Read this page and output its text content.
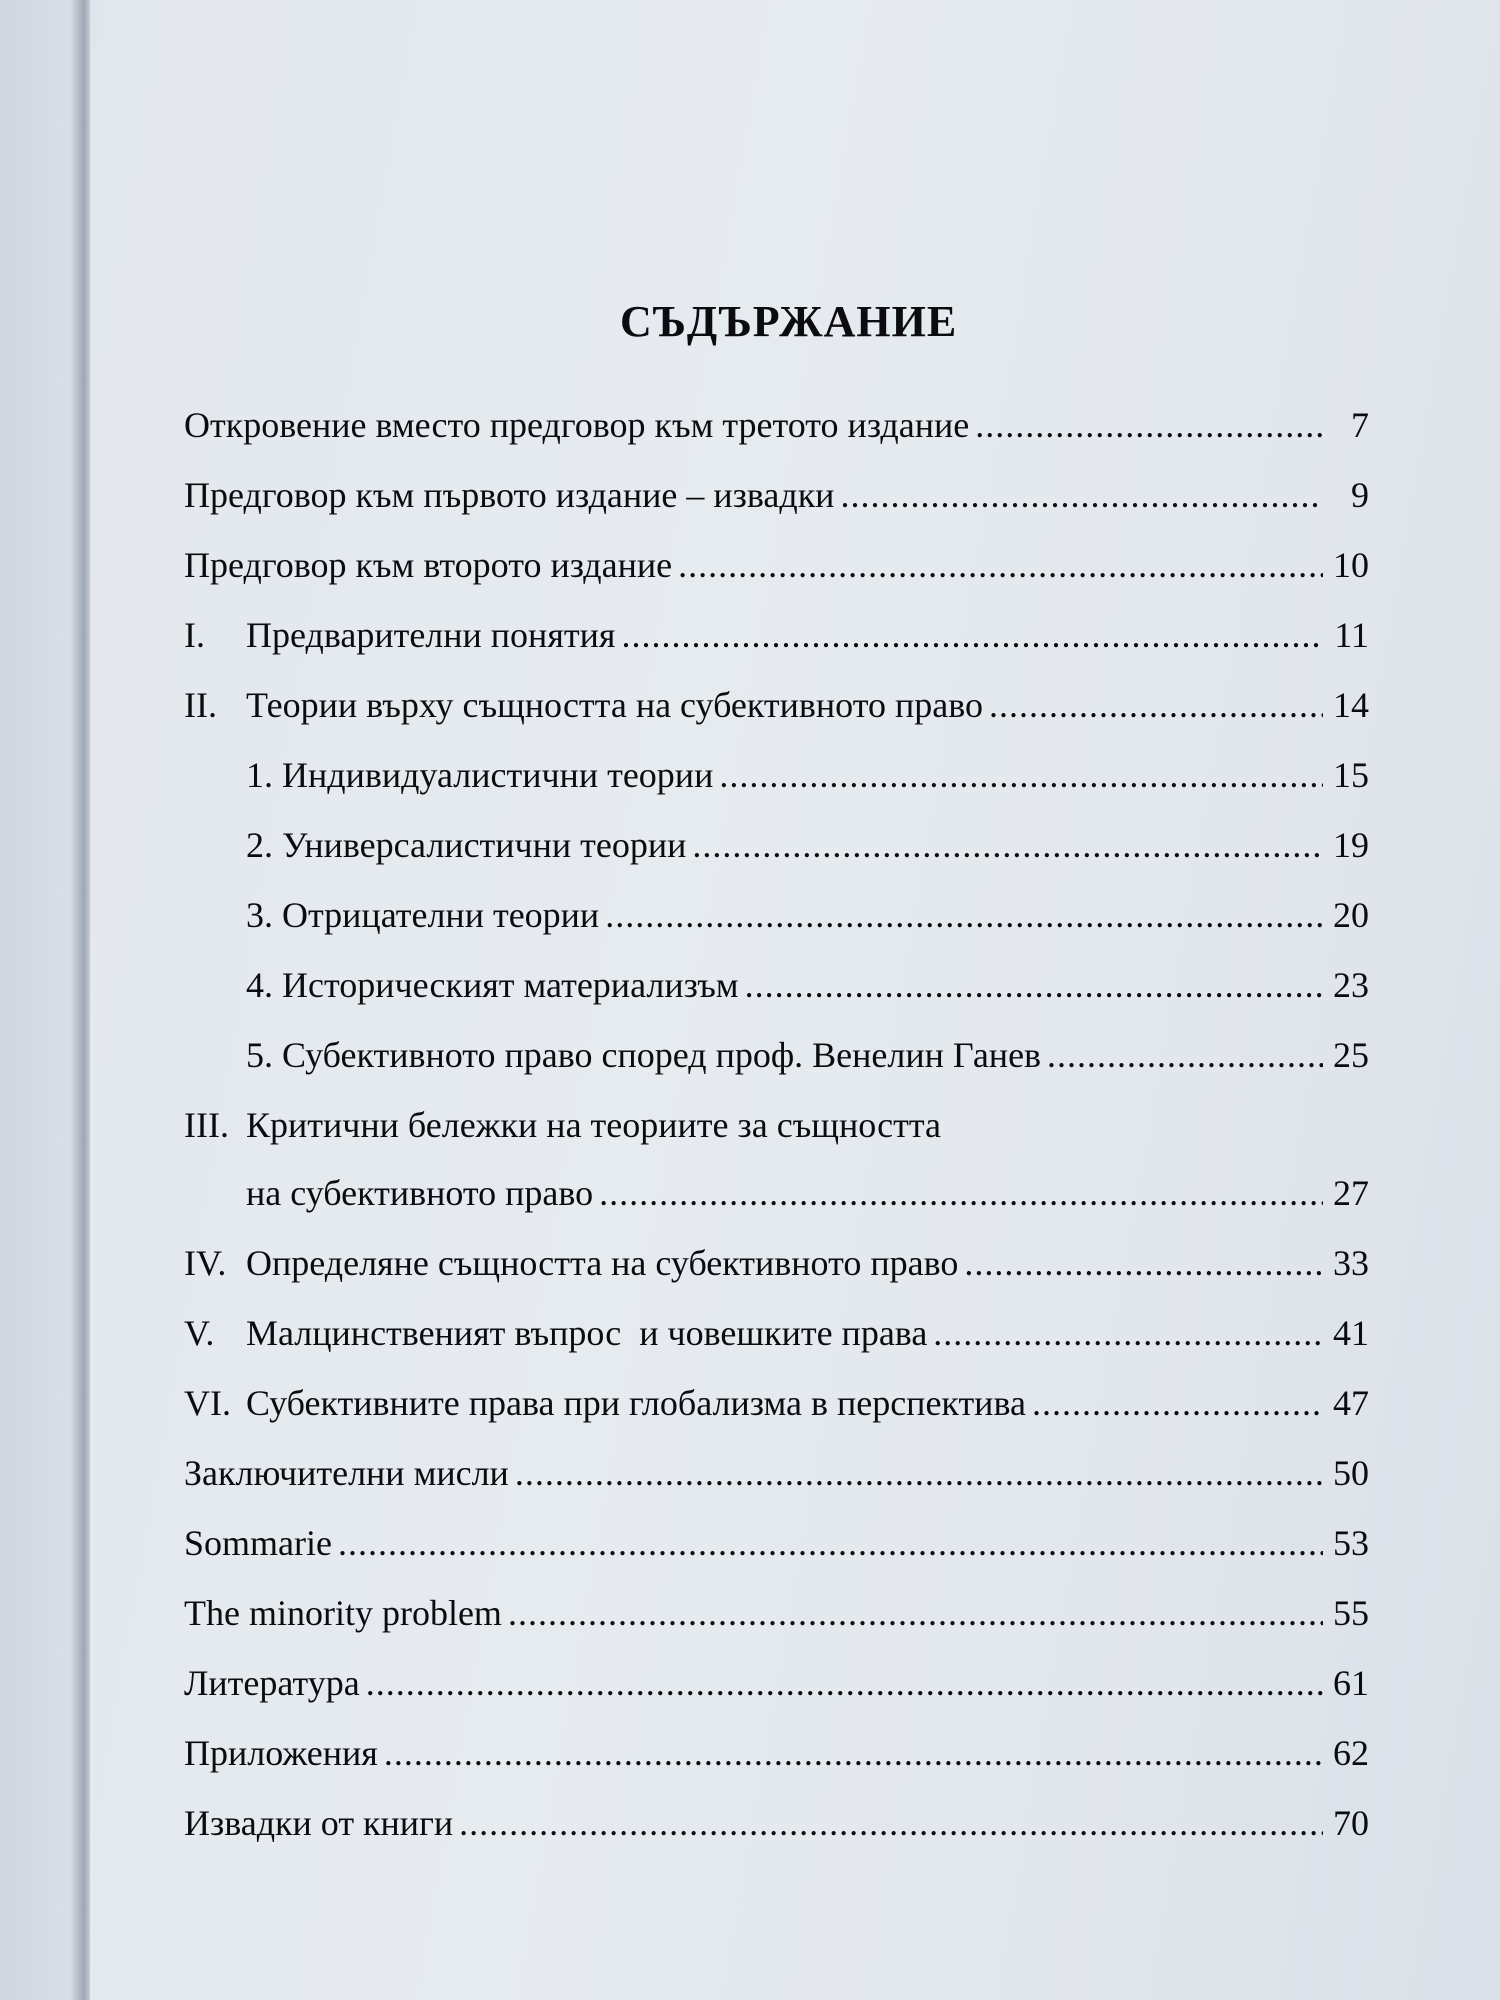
СЪДЪРЖАНИЕ
Откровение вместо предговор към третото издание .....	7
Предговор към първото издание – извадки .....	9
Предговор към второто издание .....	10
I.	Предварителни понятия .....	11
II. Теории върху същността на субективното право .....	14
1. Индивидуалистични теории .....	15
2. Универсалистични теории .....	19
3. Отрицателни теории .....	20
4. Историческият материализъм .....	23
5. Субективното право според проф. Венелин Ганев .....	25
III. Критични бележки на теориите за същността
на субективното право .....	27
IV. Определяне същността на субективното право .....	33
V. Малцинственият въпрос  и човешките права .....	41
VI. Субективните права при глобализма в перспектива .....	47
Заключителни мисли .....	50
Sommarie .....	53
The minority problem .....	55
Литература .....	61
Приложения .....	62
Извадки от книги .....	70
